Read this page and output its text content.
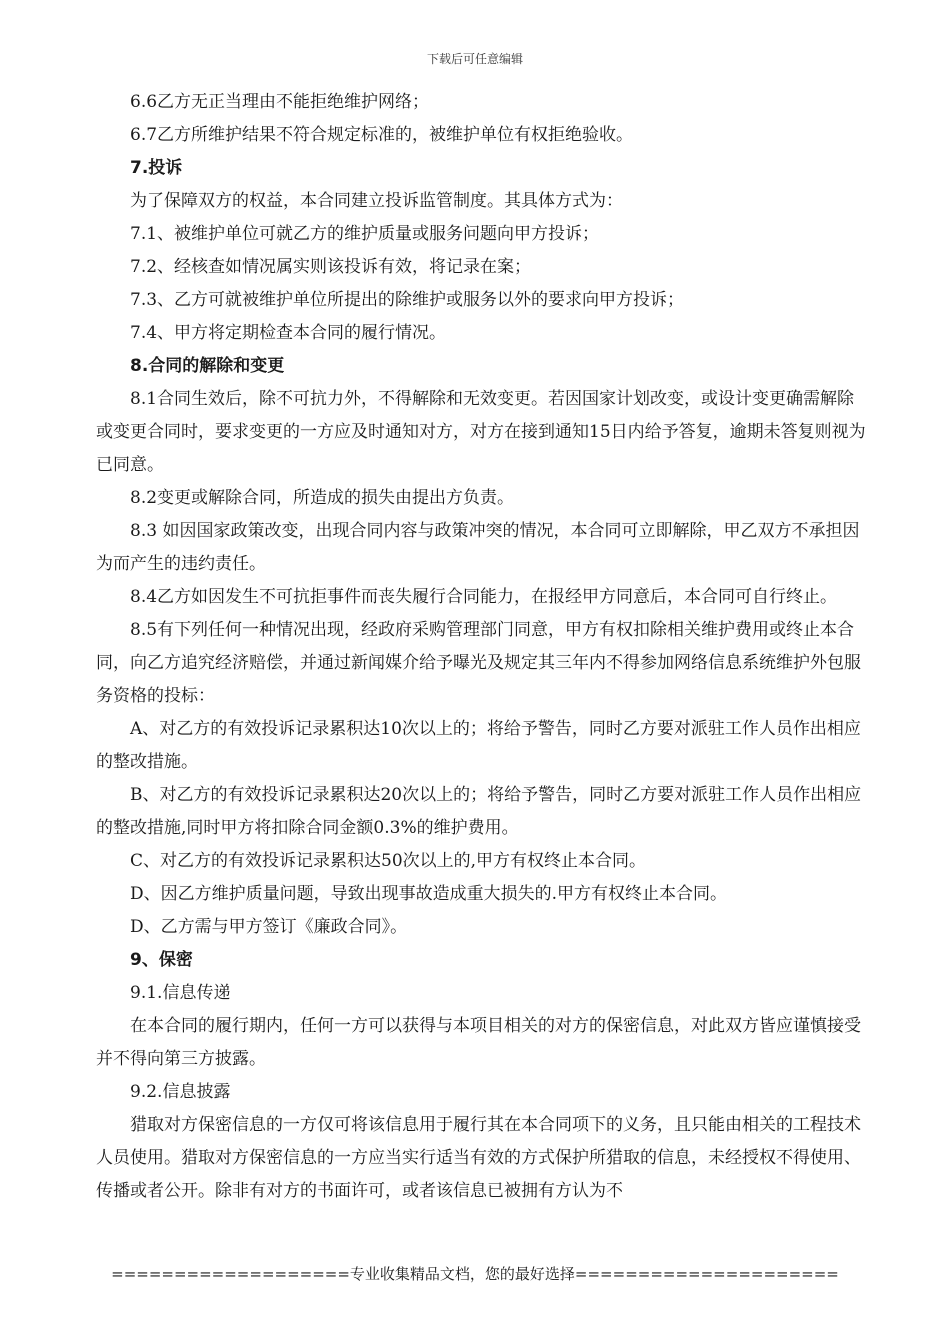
下载后可任意编辑

6.6乙方无正当理由不能拒绝维护网络；

6.7乙方所维护结果不符合规定标准的，被维护单位有权拒绝验收。

7.投诉

为了保障双方的权益，本合同建立投诉监管制度。其具体方式为：

7.1、被维护单位可就乙方的维护质量或服务问题向甲方投诉；

7.2、经核查如情况属实则该投诉有效，将记录在案；

7.3、乙方可就被维护单位所提出的除维护或服务以外的要求向甲方投诉；

7.4、甲方将定期检查本合同的履行情况。

8.合同的解除和变更

8.1合同生效后，除不可抗力外，不得解除和无效变更。若因国家计划改变，或设计变更确需解除或变更合同时，要求变更的一方应及时通知对方，对方在接到通知15日内给予答复，逾期未答复则视为已同意。

8.2变更或解除合同，所造成的损失由提出方负责。

8.3 如因国家政策改变，出现合同内容与政策冲突的情况，本合同可立即解除，甲乙双方不承担因为而产生的违约责任。

8.4乙方如因发生不可抗拒事件而丧失履行合同能力，在报经甲方同意后，本合同可自行终止。

8.5有下列任何一种情况出现，经政府采购管理部门同意，甲方有权扣除相关维护费用或终止本合同，向乙方追究经济赔偿，并通过新闻媒介给予曝光及规定其三年内不得参加网络信息系统维护外包服务资格的投标：

A、对乙方的有效投诉记录累积达10次以上的；将给予警告，同时乙方要对派驻工作人员作出相应的整改措施。

B、对乙方的有效投诉记录累积达20次以上的；将给予警告，同时乙方要对派驻工作人员作出相应的整改措施,同时甲方将扣除合同金额0.3%的维护费用。

C、对乙方的有效投诉记录累积达50次以上的,甲方有权终止本合同。

D、因乙方维护质量问题，导致出现事故造成重大损失的.甲方有权终止本合同。

D、乙方需与甲方签订《廉政合同》。

9、保密

9.1.信息传递

在本合同的履行期内，任何一方可以获得与本项目相关的对方的保密信息，对此双方皆应谨慎接受并不得向第三方披露。

9.2.信息披露

猎取对方保密信息的一方仅可将该信息用于履行其在本合同项下的义务，且只能由相关的工程技术人员使用。猎取对方保密信息的一方应当实行适当有效的方式保护所猎取的信息，未经授权不得使用、传播或者公开。除非有对方的书面许可，或者该信息已被拥有方认为不

===================专业收集精品文档，您的最好选择=====================
